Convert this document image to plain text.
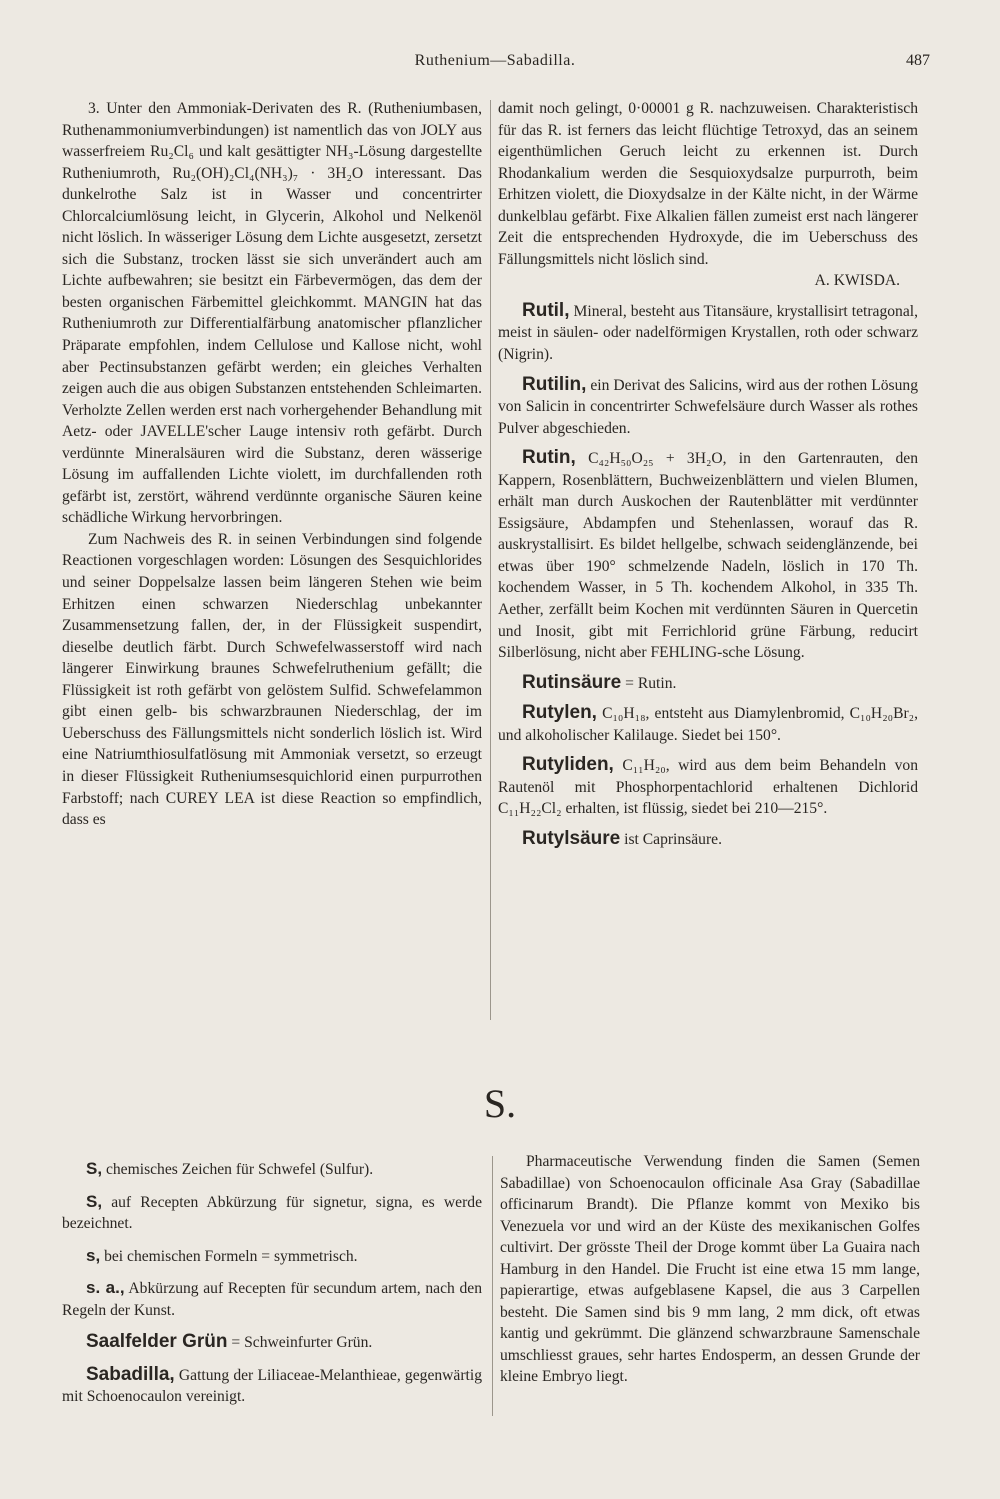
Ruthenium—Sabadilla.	487

3. Unter den Ammoniak-Derivaten des R. (Rutheniumbasen, Ruthenammoniumverbindungen) ist namentlich das von JOLY aus wasserfreiem Ru₂Cl₆ und kalt gesättigter NH₃-Lösung dargestellte Rutheniumroth, Ru₂(OH)₂Cl₄(NH₃)₇ · 3H₂O interessant. Das dunkelrothe Salz ist in Wasser und concentrirter Chlorcalciumlösung leicht, in Glycerin, Alkohol und Nelkenöl nicht löslich. In wässeriger Lösung dem Lichte ausgesetzt, zersetzt sich die Substanz, trocken lässt sie sich unverändert auch am Lichte aufbewahren; sie besitzt ein Färbevermögen, das dem der besten organischen Färbemittel gleichkommt. MANGIN hat das Rutheniumroth zur Differentialfärbung anatomischer pflanzlicher Präparate empfohlen, indem Cellulose und Kallose nicht, wohl aber Pectinsubstanzen gefärbt werden; ein gleiches Verhalten zeigen auch die aus obigen Substanzen entstehenden Schleimarten. Verholzte Zellen werden erst nach vorhergehender Behandlung mit Aetz- oder JAVELLE'scher Lauge intensiv roth gefärbt. Durch verdünnte Mineralsäuren wird die Substanz, deren wässerige Lösung im auffallenden Lichte violett, im durchfallenden roth gefärbt ist, zerstört, während verdünnte organische Säuren keine schädliche Wirkung hervorbringen.

Zum Nachweis des R. in seinen Verbindungen sind folgende Reactionen vorgeschlagen worden: Lösungen des Sesquichlorides und seiner Doppelsalze lassen beim längeren Stehen wie beim Erhitzen einen schwarzen Niederschlag unbekannter Zusammensetzung fallen, der, in der Flüssigkeit suspendirt, dieselbe deutlich färbt. Durch Schwefelwasserstoff wird nach längerer Einwirkung braunes Schwefelruthenium gefällt; die Flüssigkeit ist roth gefärbt von gelöstem Sulfid. Schwefelammon gibt einen gelb- bis schwarzbraunen Niederschlag, der im Ueberschuss des Fällungsmittels nicht sonderlich löslich ist. Wird eine Natriumthiosulfatlösung mit Ammoniak versetzt, so erzeugt in dieser Flüssigkeit Rutheniumsesquichlorid einen purpurrothen Farbstoff; nach CUREY LEA ist diese Reaction so empfindlich, dass es

damit noch gelingt, 0·00001 g R. nachzuweisen. Charakteristisch für das R. ist ferners das leicht flüchtige Tetroxyd, das an seinem eigenthümlichen Geruch leicht zu erkennen ist. Durch Rhodankalium werden die Sesquioxydsalze purpurroth, beim Erhitzen violett, die Dioxydsalze in der Kälte nicht, in der Wärme dunkelblau gefärbt. Fixe Alkalien fällen zumeist erst nach längerer Zeit die entsprechenden Hydroxyde, die im Ueberschuss des Fällungsmittels nicht löslich sind.

A. KWISDA.

Rutil, Mineral, besteht aus Titansäure, krystallisirt tetragonal, meist in säulen- oder nadelförmigen Krystallen, roth oder schwarz (Nigrin).

Rutilin, ein Derivat des Salicins, wird aus der rothen Lösung von Salicin in concentrirter Schwefelsäure durch Wasser als rothes Pulver abgeschieden.

Rutin, C₄₂H₅₀O₂₅ + 3H₂O, in den Gartenrauten, den Kappern, Rosenblättern, Buchweizenblättern und vielen Blumen, erhält man durch Auskochen der Rautenblätter mit verdünnter Essigsäure, Abdampfen und Stehenlassen, worauf das R. auskrystallisirt. Es bildet hellgelbe, schwach seidenglänzende, bei etwas über 190° schmelzende Nadeln, löslich in 170 Th. kochendem Wasser, in 5 Th. kochendem Alkohol, in 335 Th. Aether, zerfällt beim Kochen mit verdünnten Säuren in Quercetin und Inosit, gibt mit Ferrichlorid grüne Färbung, reducirt Silberlösung, nicht aber FEHLING-sche Lösung.

Rutinsäure = Rutin.

Rutylen, C₁₀H₁₈, entsteht aus Diamylenbromid, C₁₀H₂₀Br₂, und alkoholischer Kalilauge. Siedet bei 150°.

Rutyliden, C₁₁H₂₀, wird aus dem beim Behandeln von Rautenöl mit Phosphorpentachlorid erhaltenen Dichlorid C₁₁H₂₂Cl₂ erhalten, ist flüssig, siedet bei 210—215°.

Rutylsäure ist Caprinsäure.

S.

S, chemisches Zeichen für Schwefel (Sulfur).

S, auf Recepten Abkürzung für signetur, signa, es werde bezeichnet.

s, bei chemischen Formeln = symmetrisch.

s. a., Abkürzung auf Recepten für secundum artem, nach den Regeln der Kunst.

Saalfelder Grün = Schweinfurter Grün.

Sabadilla, Gattung der Liliaceae-Melanthieae, gegenwärtig mit Schoenocaulon vereinigt.

Pharmaceutische Verwendung finden die Samen (Semen Sabadillae) von Schoenocaulon officinale Asa Gray (Sabadillae officinarum Brandt). Die Pflanze kommt von Mexiko bis Venezuela vor und wird an der Küste des mexikanischen Golfes cultivirt. Der grösste Theil der Droge kommt über La Guaira nach Hamburg in den Handel. Die Frucht ist eine etwa 15 mm lange, papierartige, etwas aufgeblasene Kapsel, die aus 3 Carpellen besteht. Die Samen sind bis 9 mm lang, 2 mm dick, oft etwas kantig und gekrümmt. Die glänzend schwarzbraune Samenschale umschliesst graues, sehr hartes Endosperm, an dessen Grunde der kleine Embryo liegt.
